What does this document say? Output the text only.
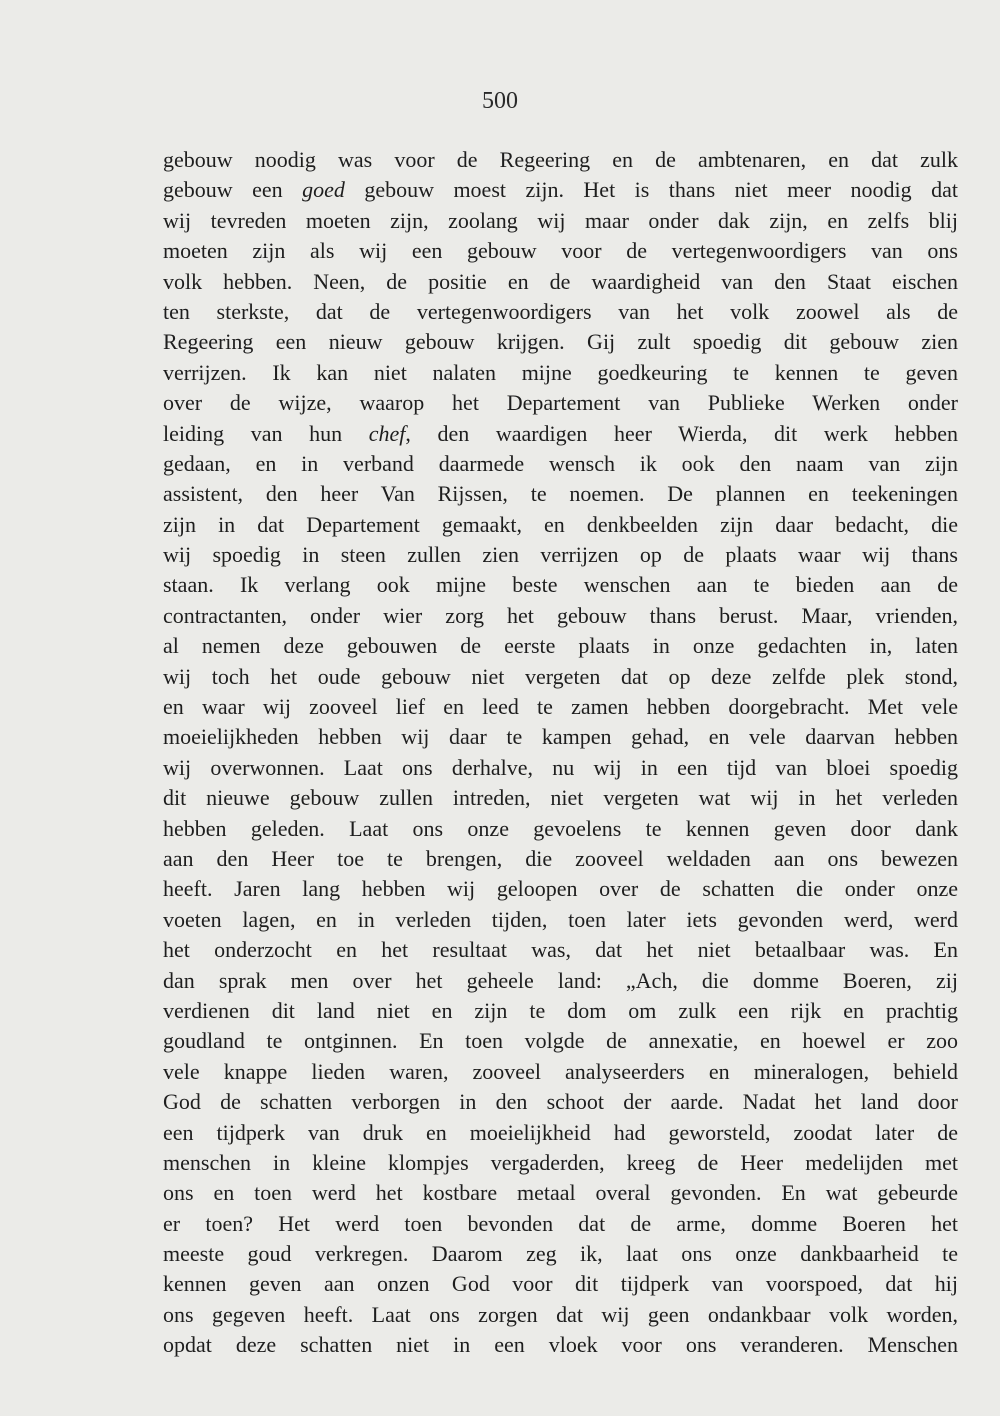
500

gebouw noodig was voor de Regeering en de ambtenaren, en dat zulk
gebouw een goed gebouw moest zijn. Het is thans niet meer noodig dat
wij tevreden moeten zijn, zoolang wij maar onder dak zijn, en zelfs blij
moeten zijn als wij een gebouw voor de vertegenwoordigers van ons
volk hebben. Neen, de positie en de waardigheid van den Staat eischen
ten sterkste, dat de vertegenwoordigers van het volk zoowel als de
Regeering een nieuw gebouw krijgen. Gij zult spoedig dit gebouw zien
verrijzen. Ik kan niet nalaten mijne goedkeuring te kennen te geven
over de wijze, waarop het Departement van Publieke Werken onder
leiding van hun chef, den waardigen heer Wierda, dit werk hebben
gedaan, en in verband daarmede wensch ik ook den naam van zijn
assistent, den heer Van Rijssen, te noemen. De plannen en teekeningen
zijn in dat Departement gemaakt, en denkbeelden zijn daar bedacht, die
wij spoedig in steen zullen zien verrijzen op de plaats waar wij thans
staan. Ik verlang ook mijne beste wenschen aan te bieden aan de
contractanten, onder wier zorg het gebouw thans berust. Maar, vrienden,
al nemen deze gebouwen de eerste plaats in onze gedachten in, laten
wij toch het oude gebouw niet vergeten dat op deze zelfde plek stond,
en waar wij zooveel lief en leed te zamen hebben doorgebracht. Met vele
moeielijkheden hebben wij daar te kampen gehad, en vele daarvan hebben
wij overwonnen. Laat ons derhalve, nu wij in een tijd van bloei spoedig
dit nieuwe gebouw zullen intreden, niet vergeten wat wij in het verleden
hebben geleden. Laat ons onze gevoelens te kennen geven door dank
aan den Heer toe te brengen, die zooveel weldaden aan ons bewezen
heeft. Jaren lang hebben wij geloopen over de schatten die onder onze
voeten lagen, en in verleden tijden, toen later iets gevonden werd, werd
het onderzocht en het resultaat was, dat het niet betaalbaar was. En
dan sprak men over het geheele land: „Ach, die domme Boeren, zij
verdienen dit land niet en zijn te dom om zulk een rijk en prachtig
goudland te ontginnen. En toen volgde de annexatie, en hoewel er zoo
vele knappe lieden waren, zooveel analyseerders en mineralogen, behield
God de schatten verborgen in den schoot der aarde. Nadat het land door
een tijdperk van druk en moeielijkheid had geworsteld, zoodat later de
menschen in kleine klompjes vergaderden, kreeg de Heer medelijden met
ons en toen werd het kostbare metaal overal gevonden. En wat gebeurde
er toen? Het werd toen bevonden dat de arme, domme Boeren het
meeste goud verkregen. Daarom zeg ik, laat ons onze dankbaarheid te
kennen geven aan onzen God voor dit tijdperk van voorspoed, dat hij
ons gegeven heeft. Laat ons zorgen dat wij geen ondankbaar volk worden,
opdat deze schatten niet in een vloek voor ons veranderen. Menschen
